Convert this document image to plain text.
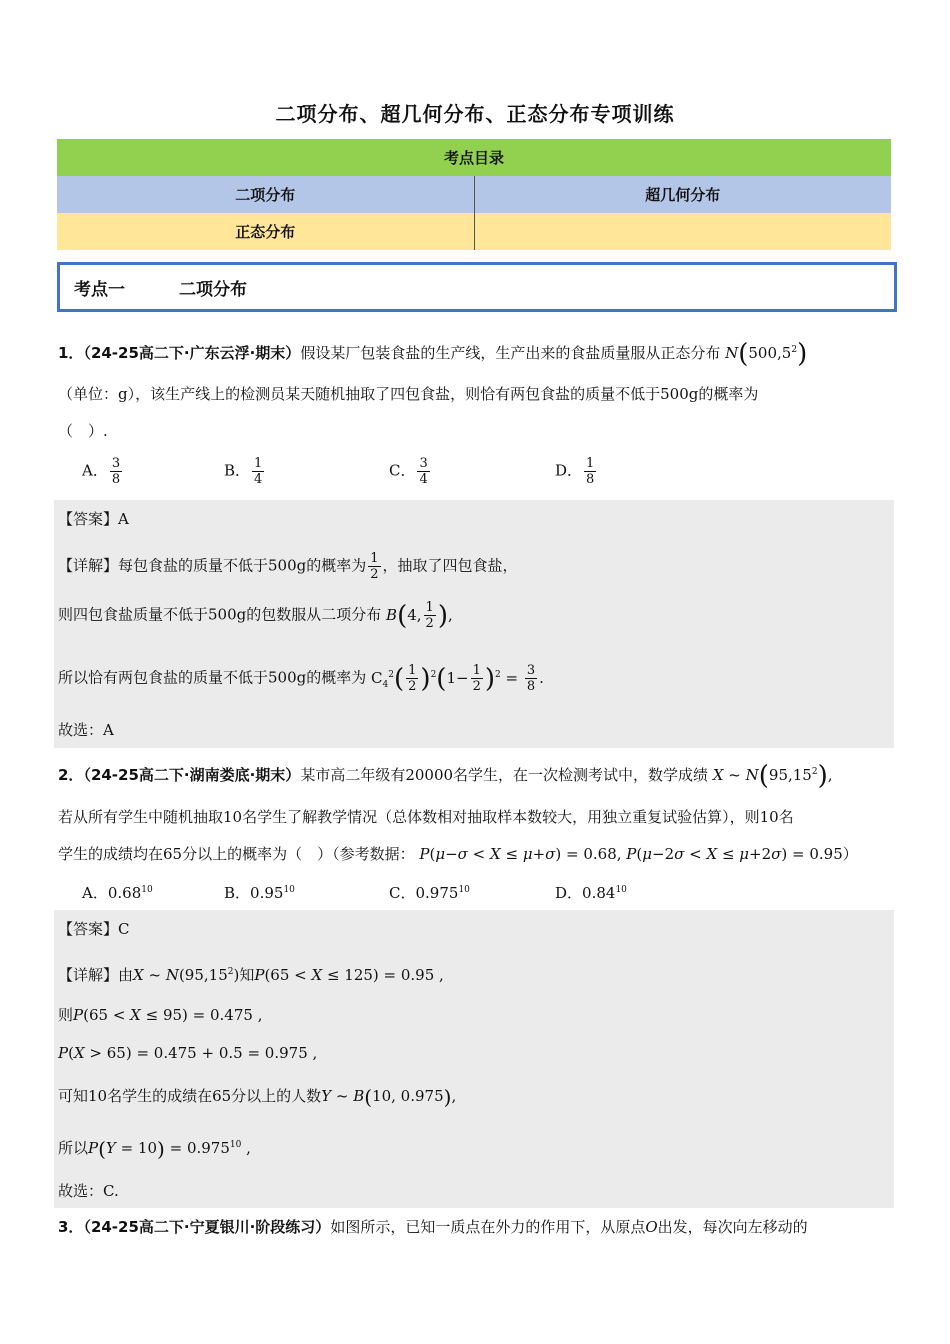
二项分布、超几何分布、正态分布专项训练
考点目录
二项分布	超几何分布
正态分布
考点一	二项分布
1．（24-25高二下·广东云浮·期末）假设某厂包装食盐的生产线，生产出来的食盐质量服从正态分布 N(500,5$^2$)
（单位：g），该生产线上的检测员某天随机抽取了四包食盐，则恰有两包食盐的质量不低于500g的概率为
（　）.
A． $\frac{3}{8}$	B． $\frac{1}{4}$	C． $\frac{3}{4}$	D． $\frac{1}{8}$
【答案】A
【详解】每包食盐的质量不低于500g的概率为 $\frac{1}{2}$ ，抽取了四包食盐，
则四包食盐质量不低于500g的包数服从二项分布 B(4, $\frac{1}{2}$ ),
所以恰有两包食盐的质量不低于500g的概率为 $C_4^2( \frac{1}{2} )^2(1- \frac{1}{2} )^2 = \frac{3}{8}$ .
故选：A
2．（24-25高二下·湖南娄底·期末）某市高二年级有20000名学生，在一次检测考试中，数学成绩 X ~ N(95,15$^2$),
若从所有学生中随机抽取10名学生了解教学情况（总体数相对抽取样本数较大，用独立重复试验估算），则10名
学生的成绩均在65分以上的概率为（　）（参考数据： P(μ−σ < X ≤ μ+σ) = 0.68, P(μ−2σ < X ≤ μ+2σ) = 0.95）
A．0.68$^{10}$	B．0.95$^{10}$	C．0.975$^{10}$	D．0.84$^{10}$
【答案】C
【详解】由X ~ N(95,15$^2$)知P(65 < X ≤ 125) = 0.95 ,
则P(65 < X ≤ 95) = 0.475 ,
P(X > 65) = 0.475 + 0.5 = 0.975 ,
可知10名学生的成绩在65分以上的人数Y ~ B(10, 0.975),
所以$P(Y = 10) = 0.975^{10}$ ,
故选：C.
3．（24-25高二下·宁夏银川·阶段练习）如图所示，已知一质点在外力的作用下，从原点O出发，每次向左移动的
